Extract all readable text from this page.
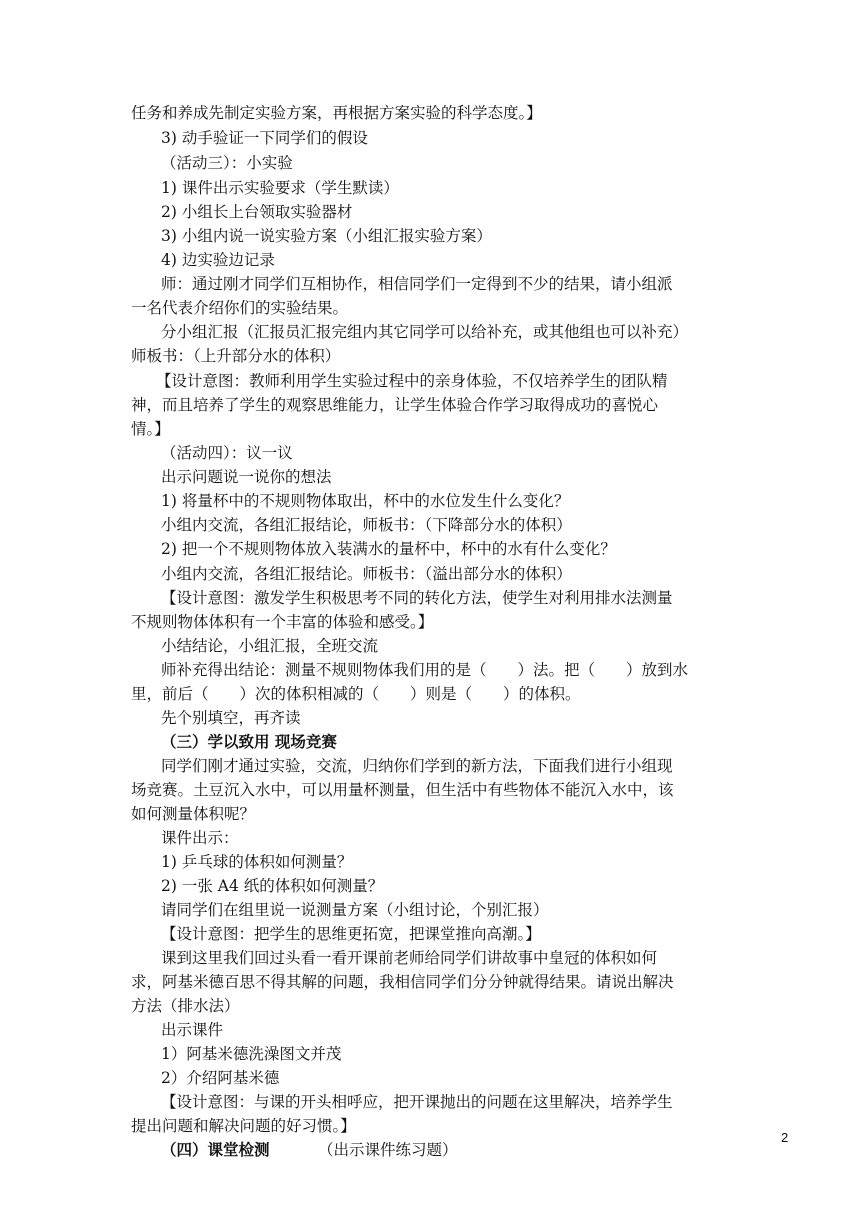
任务和养成先制定实验方案，再根据方案实验的科学态度。】
3) 动手验证一下同学们的假设
（活动三）：小实验
1) 课件出示实验要求（学生默读）
2) 小组长上台领取实验器材
3) 小组内说一说实验方案（小组汇报实验方案）
4) 边实验边记录
师：通过刚才同学们互相协作，相信同学们一定得到不少的结果，请小组派
一名代表介绍你们的实验结果。
分小组汇报（汇报员汇报完组内其它同学可以给补充，或其他组也可以补充）
师板书：（上升部分水的体积）
【设计意图：教师利用学生实验过程中的亲身体验，不仅培养学生的团队精
神，而且培养了学生的观察思维能力，让学生体验合作学习取得成功的喜悦心
情。】
（活动四）：议一议
出示问题说一说你的想法
1) 将量杯中的不规则物体取出，杯中的水位发生什么变化？
小组内交流，各组汇报结论，师板书：（下降部分水的体积）
2) 把一个不规则物体放入装满水的量杯中，杯中的水有什么变化？
小组内交流，各组汇报结论。师板书：（溢出部分水的体积）
【设计意图：激发学生积极思考不同的转化方法，使学生对利用排水法测量
不规则物体体积有一个丰富的体验和感受。】
小结结论，小组汇报，全班交流
师补充得出结论：测量不规则物体我们用的是（　　）法。把（　　）放到水
里，前后（　　）次的体积相减的（　　）则是（　　）的体积。
先个别填空，再齐读
（三）学以致用 现场竞赛
同学们刚才通过实验，交流，归纳你们学到的新方法，下面我们进行小组现
场竞赛。土豆沉入水中，可以用量杯测量，但生活中有些物体不能沉入水中，该
如何测量体积呢？
课件出示：
1) 乒乓球的体积如何测量？
2) 一张 A4 纸的体积如何测量？
请同学们在组里说一说测量方案（小组讨论，个别汇报）
【设计意图：把学生的思维更拓宽，把课堂推向高潮。】
课到这里我们回过头看一看开课前老师给同学们讲故事中皇冠的体积如何
求，阿基米德百思不得其解的问题，我相信同学们分分钟就得结果。请说出解决
方法（排水法）
出示课件
1）阿基米德洗澡图文并茂
2）介绍阿基米德
【设计意图：与课的开头相呼应，把开课抛出的问题在这里解决，培养学生
提出问题和解决问题的好习惯。】
（四）课堂检测	（出示课件练习题）
2
